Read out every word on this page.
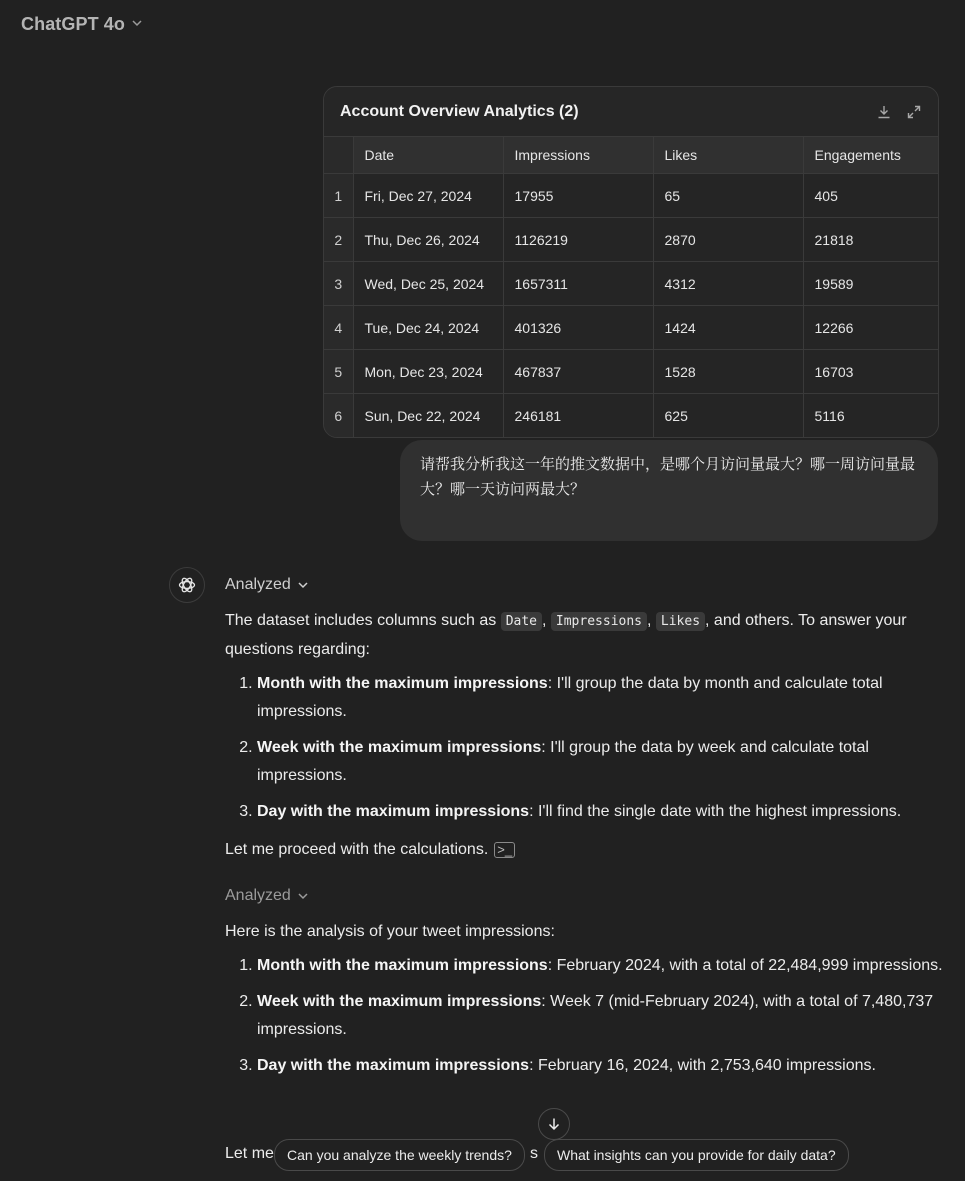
ChatGPT 4o
Account Overview Analytics (2)
	Date	Impressions	Likes	Engagements
1	Fri, Dec 27, 2024	17955	65	405
2	Thu, Dec 26, 2024	1126219	2870	21818
3	Wed, Dec 25, 2024	1657311	4312	19589
4	Tue, Dec 24, 2024	401326	1424	12266
5	Mon, Dec 23, 2024	467837	1528	16703
6	Sun, Dec 22, 2024	246181	625	5116
请帮我分析我这一年的推文数据中，是哪个月访问量最大？哪一周访问量最大？哪一天访问两最大？
Analyzed
The dataset includes columns such as Date , Impressions , Likes , and others. To answer your questions regarding:
1. Month with the maximum impressions: I'll group the data by month and calculate total impressions.
2. Week with the maximum impressions: I'll group the data by week and calculate total impressions.
3. Day with the maximum impressions: I'll find the single date with the highest impressions.
Let me proceed with the calculations. >_
Analyzed
Here is the analysis of your tweet impressions:
1. Month with the maximum impressions: February 2024, with a total of 22,484,999 impressions.
2. Week with the maximum impressions: Week 7 (mid-February 2024), with a total of 7,480,737 impressions.
3. Day with the maximum impressions: February 16, 2024, with 2,753,640 impressions.
Let me	s
Can you analyze the weekly trends?	What insights can you provide for daily data?
